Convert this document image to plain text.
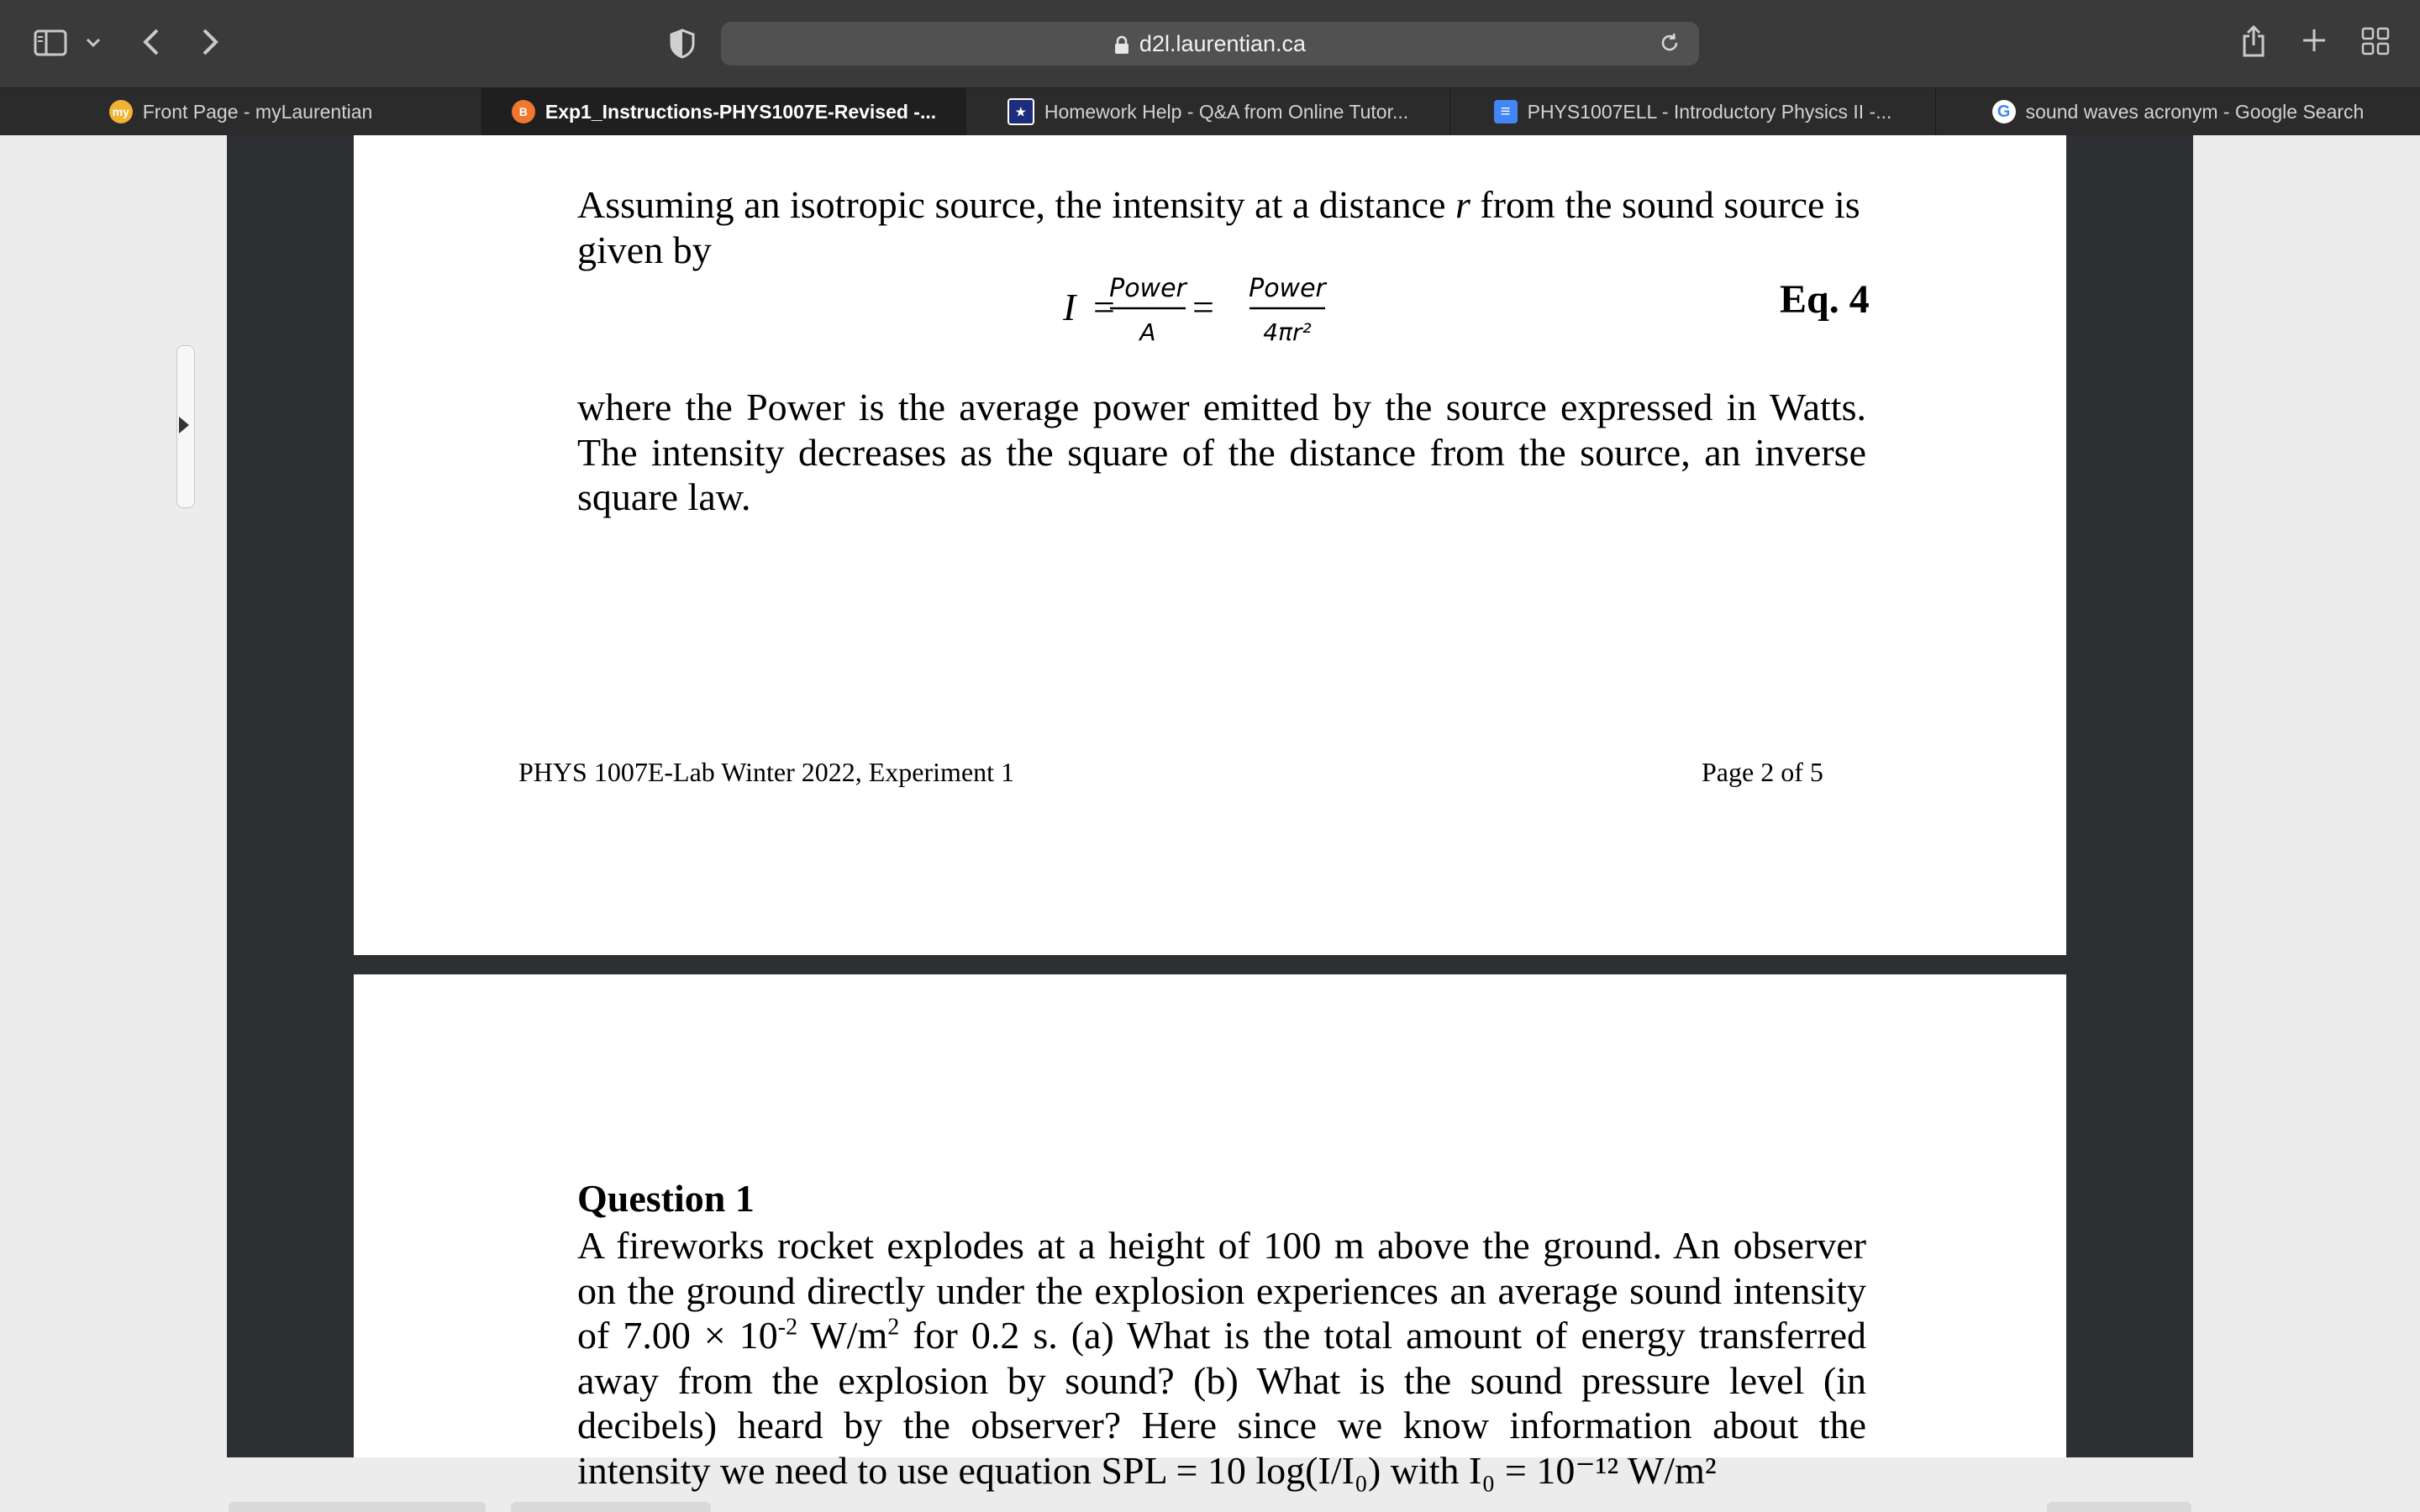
d2l.laurentian.ca
my Front Page - myLaurentian	B Exp1_Instructions-PHYS1007E-Revised -...	★ Homework Help - Q&A from Online Tutor...	≡ PHYS1007ELL - Introductory Physics II -...	G sound waves acronym - Google Search
Assuming an isotropic source, the intensity at a distance r from the sound source is
given by
I =
Power
A
= Power
4πr²
Eq. 4
where the Power is the average power emitted by the source expressed in Watts. The intensity decreases as the square of the distance from the source, an inverse square law.
PHYS 1007E-Lab Winter 2022, Experiment 1	Page 2 of 5
Question 1
A fireworks rocket explodes at a height of 100 m above the ground. An observer on the ground directly under the explosion experiences an average sound intensity of $7.00 \times 10^{-2}$ $W/m^2$ for 0.2 s. (a) What is the total amount of energy transferred away from the explosion by sound? (b) What is the sound pressure level (in decibels) heard by the observer? Here since we know information about the intensity we need to use equation SPL = 10 log(I/I₀) with I₀ = 10⁻¹² W/m²
